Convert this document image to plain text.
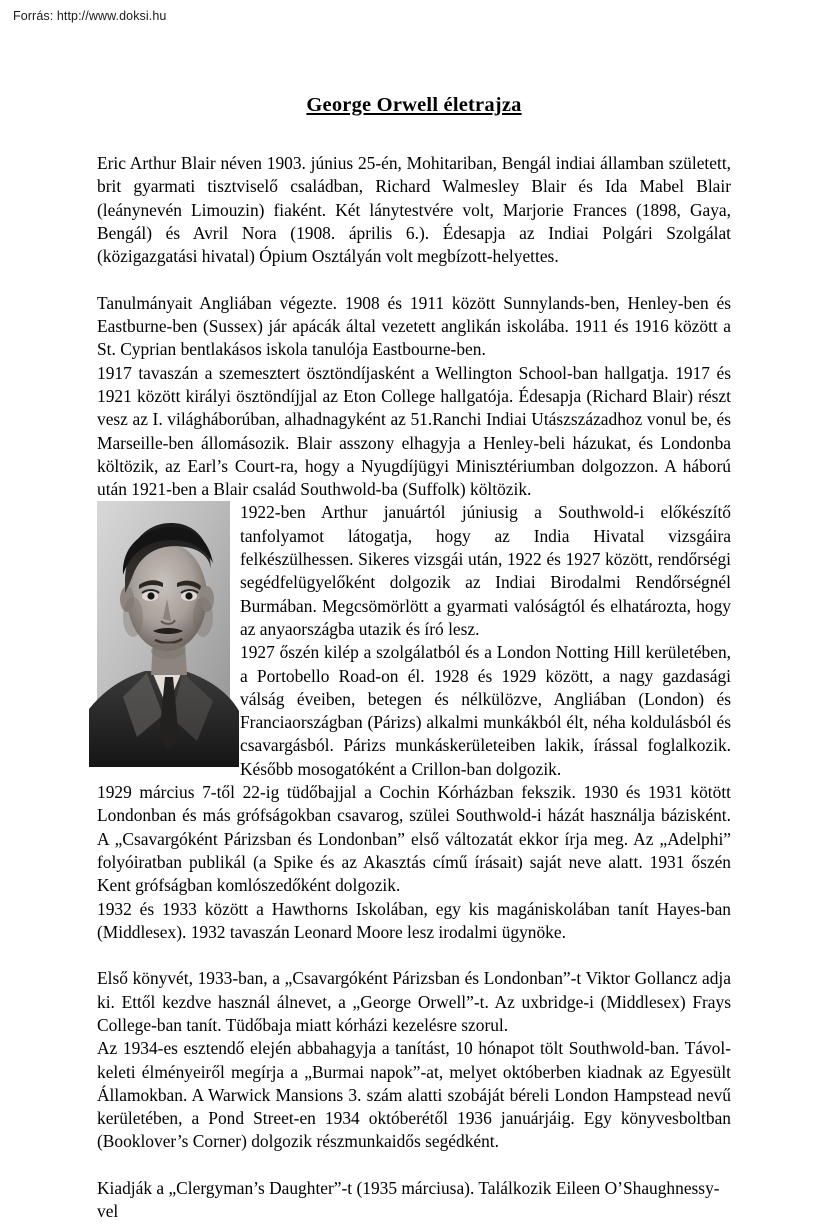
Forrás: http://www.doksi.hu
George Orwell életrajza

Eric Arthur Blair néven 1903. június 25-én, Mohitariban, Bengál indiai államban született, brit gyarmati tisztviselő családban, Richard Walmesley Blair és Ida Mabel Blair (leánynevén Limouzin) fiaként. Két lánytestvére volt, Marjorie Frances (1898, Gaya, Bengál) és Avril Nora (1908. április 6.). Édesapja az Indiai Polgári Szolgálat (közigazgatási hivatal) Ópium Osztályán volt megbízott-helyettes.

Tanulmányait Angliában végezte. 1908 és 1911 között Sunnylands-ben, Henley-ben és Eastburne-ben (Sussex) jár apácák által vezetett anglikán iskolába. 1911 és 1916 között a St. Cyprian bentlakásos iskola tanulója Eastbourne-ben.

1917 tavaszán a szemesztert ösztöndíjasként a Wellington School-ban hallgatja. 1917 és 1921 között királyi ösztöndíjjal az Eton College hallgatója. Édesapja (Richard Blair) részt vesz az I. világháborúban, alhadnagyként az 51.Ranchi Indiai Utászszázadhoz vonul be, és Marseille-ben állomásozik. Blair asszony elhagyja a Henley-beli házukat, és Londonba költözik, az Earl’s Court-ra, hogy a Nyugdíjügyi Minisztériumban dolgozzon. A háború után 1921-ben a Blair család Southwold-ba (Suffolk) költözik.

1922-ben Arthur januártól júniusig a Southwold-i előkészítő tanfolyamot látogatja, hogy az India Hivatal vizsgáira felkészülhessen. Sikeres vizsgái után, 1922 és 1927 között, rendőrségi segédfelügyelőként dolgozik az Indiai Birodalmi Rendőrségnél Burmában. Megcsömörlött a gyarmati valóságtól és elhatározta, hogy az anyaországba utazik és író lesz.

1927 őszén kilép a szolgálatból és a London Notting Hill kerületében, a Portobello Road-on él. 1928 és 1929 között, a nagy gazdasági válság éveiben, betegen és nélkülözve, Angliában (London) és Franciaországban (Párizs) alkalmi munkákból élt, néha koldulásból és csavargásból. Párizs munkáskerületeiben lakik, írással foglalkozik. Később mosogatóként a Crillon-ban dolgozik.

1929 március 7-től 22-ig tüdőbajjal a Cochin Kórházban fekszik. 1930 és 1931 kötött Londonban és más grófságokban csavarog, szülei Southwold-i házát használja bázisként. A „Csavargóként Párizsban és Londonban” első változatát ekkor írja meg. Az „Adelphi” folyóiratban publikál (a Spike és az Akasztás című írásait) saját neve alatt. 1931 őszén Kent grófságban komlószedőként dolgozik.

1932 és 1933 között a Hawthorns Iskolában, egy kis magániskolában tanít Hayes-ban (Middlesex). 1932 tavaszán Leonard Moore lesz irodalmi ügynöke.

Első könyvét, 1933-ban, a „Csavargóként Párizsban és Londonban”-t Viktor Gollancz adja ki. Ettől kezdve használ álnevet, a „George Orwell”-t. Az uxbridge-i (Middlesex) Frays College-ban tanít. Tüdőbaja miatt kórházi kezelésre szorul.

Az 1934-es esztendő elején abbahagyja a tanítást, 10 hónapot tölt Southwold-ban. Távol-keleti élményeiről megírja a „Burmai napok”-at, melyet októberben kiadnak az Egyesült Államokban. A Warwick Mansions 3. szám alatti szobáját béreli London Hampstead nevű kerületében, a Pond Street-en 1934 októberétől 1936 januárjáig. Egy könyvesboltban (Booklover’s Corner) dolgozik részmunkaidős segédként.

Kiadják a „Clergyman’s Daughter”-t (1935 márciusa). Találkozik Eileen O’Shaughnessy-vel
